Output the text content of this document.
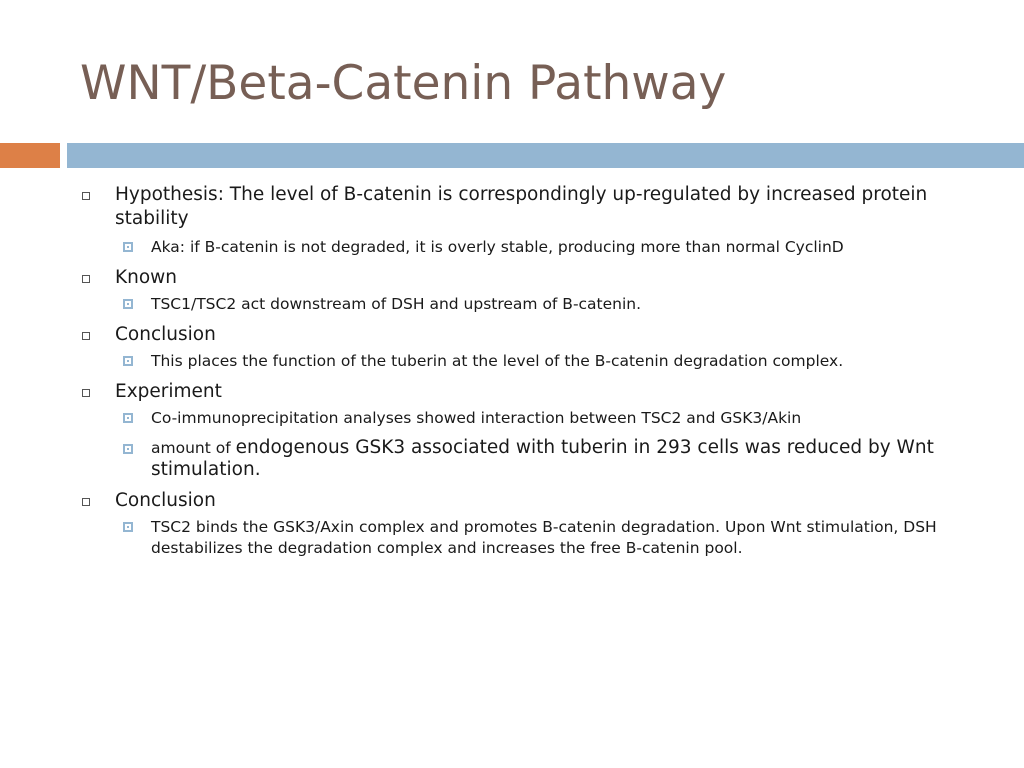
WNT/Beta-Catenin Pathway
Hypothesis: The level of B-catenin is correspondingly up-regulated by increased protein stability
Aka: if B-catenin is not degraded, it is overly stable, producing more than normal CyclinD
Known
TSC1/TSC2 act downstream of DSH and upstream of B-catenin.
Conclusion
This places the function of the tuberin at the level of the B-catenin degradation complex.
Experiment
Co-immunoprecipitation analyses showed interaction between TSC2 and GSK3/Akin
amount of endogenous GSK3 associated with tuberin in 293 cells was reduced by Wnt stimulation.
Conclusion
TSC2 binds the GSK3/Axin complex and promotes B-catenin degradation. Upon Wnt stimulation, DSH destabilizes the degradation complex and increases the free B-catenin pool.
